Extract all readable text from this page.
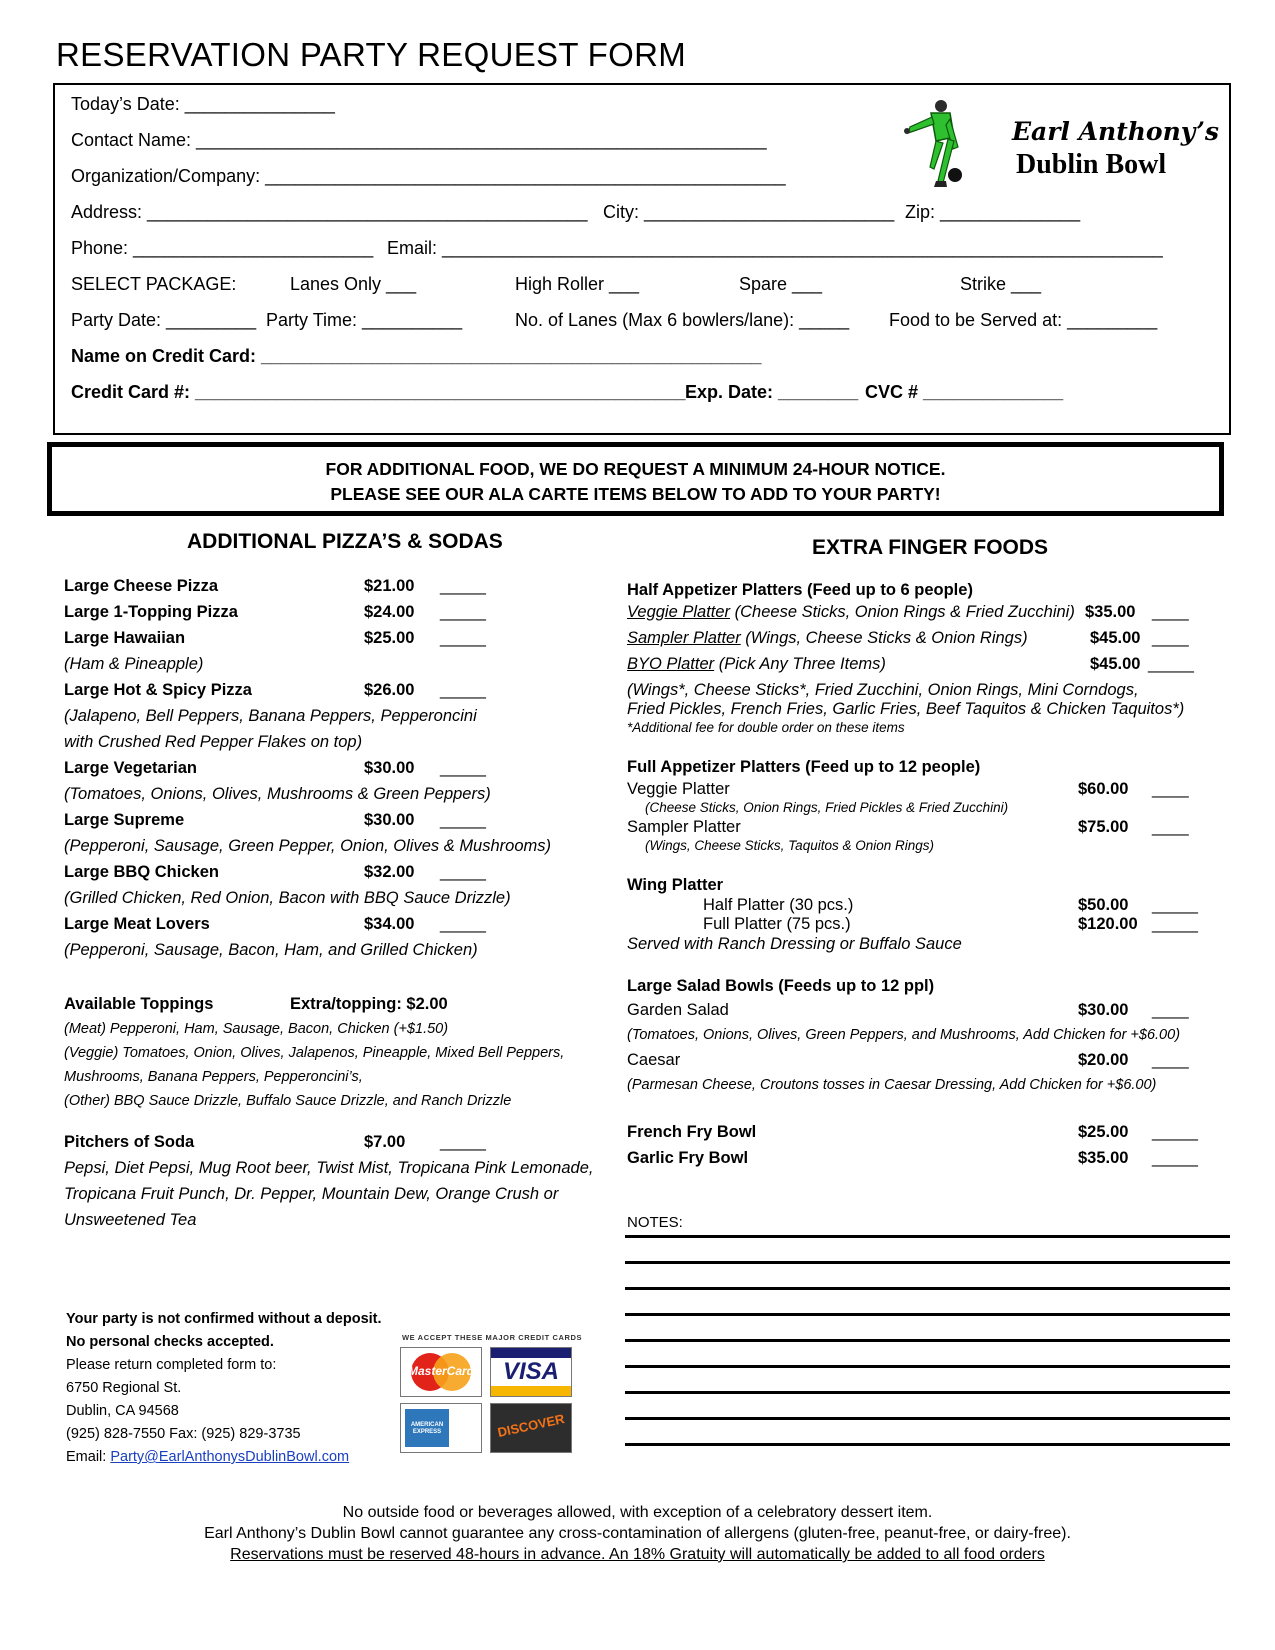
RESERVATION PARTY REQUEST FORM
Today’s Date: _______________
Contact Name: _________________________________________________________
Organization/Company: ____________________________________________________
Address: ____________________________________________ City: _________________________ Zip: ______________
Phone: ________________________ Email: ________________________________________________________________________
SELECT PACKAGE:	Lanes Only ___	High Roller ___	Spare ___	Strike ___
Party Date: _________ Party Time: __________	No. of Lanes (Max 6 bowlers/lane): _____ Food to be Served at: _________
Name on Credit Card: __________________________________________________
Credit Card #: _________________________________________________ Exp. Date: ________ CVC # ______________
Earl Anthony’s
Dublin Bowl
FOR ADDITIONAL FOOD, WE DO REQUEST A MINIMUM 24-HOUR NOTICE.
PLEASE SEE OUR ALA CARTE ITEMS BELOW TO ADD TO YOUR PARTY!
ADDITIONAL PIZZA’S & SODAS
Large Cheese Pizza	$21.00 _____
Large 1-Topping Pizza	$24.00 _____
Large Hawaiian	$25.00 _____
(Ham & Pineapple)
Large Hot & Spicy Pizza	$26.00 _____
(Jalapeno, Bell Peppers, Banana Peppers, Pepperoncini
with Crushed Red Pepper Flakes on top)
Large Vegetarian	$30.00 _____
(Tomatoes, Onions, Olives, Mushrooms & Green Peppers)
Large Supreme	$30.00 _____
(Pepperoni, Sausage, Green Pepper, Onion, Olives & Mushrooms)
Large BBQ Chicken	$32.00 _____
(Grilled Chicken, Red Onion, Bacon with BBQ Sauce Drizzle)
Large Meat Lovers	$34.00 _____
(Pepperoni, Sausage, Bacon, Ham, and Grilled Chicken)
Available Toppings	Extra/topping: $2.00
(Meat) Pepperoni, Ham, Sausage, Bacon, Chicken (+$1.50)
(Veggie) Tomatoes, Onion, Olives, Jalapenos, Pineapple, Mixed Bell Peppers,
Mushrooms, Banana Peppers, Pepperoncini’s,
(Other) BBQ Sauce Drizzle, Buffalo Sauce Drizzle, and Ranch Drizzle
Pitchers of Soda	$7.00 _____
Pepsi, Diet Pepsi, Mug Root beer, Twist Mist, Tropicana Pink Lemonade,
Tropicana Fruit Punch, Dr. Pepper, Mountain Dew, Orange Crush or
Unsweetened Tea
EXTRA FINGER FOODS
Half Appetizer Platters (Feed up to 6 people)
Veggie Platter (Cheese Sticks, Onion Rings & Fried Zucchini) $35.00 ____
Sampler Platter (Wings, Cheese Sticks & Onion Rings)	$45.00 ____
BYO Platter (Pick Any Three Items)	$45.00 _____
(Wings*, Cheese Sticks*, Fried Zucchini, Onion Rings, Mini Corndogs,
Fried Pickles, French Fries, Garlic Fries, Beef Taquitos & Chicken Taquitos*)
*Additional fee for double order on these items
Full Appetizer Platters (Feed up to 12 people)
Veggie Platter	$60.00 ____
(Cheese Sticks, Onion Rings, Fried Pickles & Fried Zucchini)
Sampler Platter	$75.00 ____
(Wings, Cheese Sticks, Taquitos & Onion Rings)
Wing Platter
Half Platter (30 pcs.)	$50.00 _____
Full Platter (75 pcs.)	$120.00 _____
Served with Ranch Dressing or Buffalo Sauce
Large Salad Bowls (Feeds up to 12 ppl)
Garden Salad	$30.00 ____
(Tomatoes, Onions, Olives, Green Peppers, and Mushrooms, Add Chicken for +$6.00)
Caesar	$20.00 ____
(Parmesan Cheese, Croutons tosses in Caesar Dressing, Add Chicken for +$6.00)
French Fry Bowl	$25.00 _____
Garlic Fry Bowl	$35.00 _____
NOTES:
Your party is not confirmed without a deposit.
No personal checks accepted.
Please return completed form to:
6750 Regional St.
Dublin, CA 94568
(925) 828-7550 Fax: (925) 829-3735
Email: Party@EarlAnthonysDublinBowl.com
WE ACCEPT THESE MAJOR CREDIT CARDS
MasterCard	VISA
AMERICAN EXPRESS	DISCOVER
No outside food or beverages allowed, with exception of a celebratory dessert item.
Earl Anthony’s Dublin Bowl cannot guarantee any cross-contamination of allergens (gluten-free, peanut-free, or dairy-free).
Reservations must be reserved 48-hours in advance. An 18% Gratuity will automatically be added to all food orders
